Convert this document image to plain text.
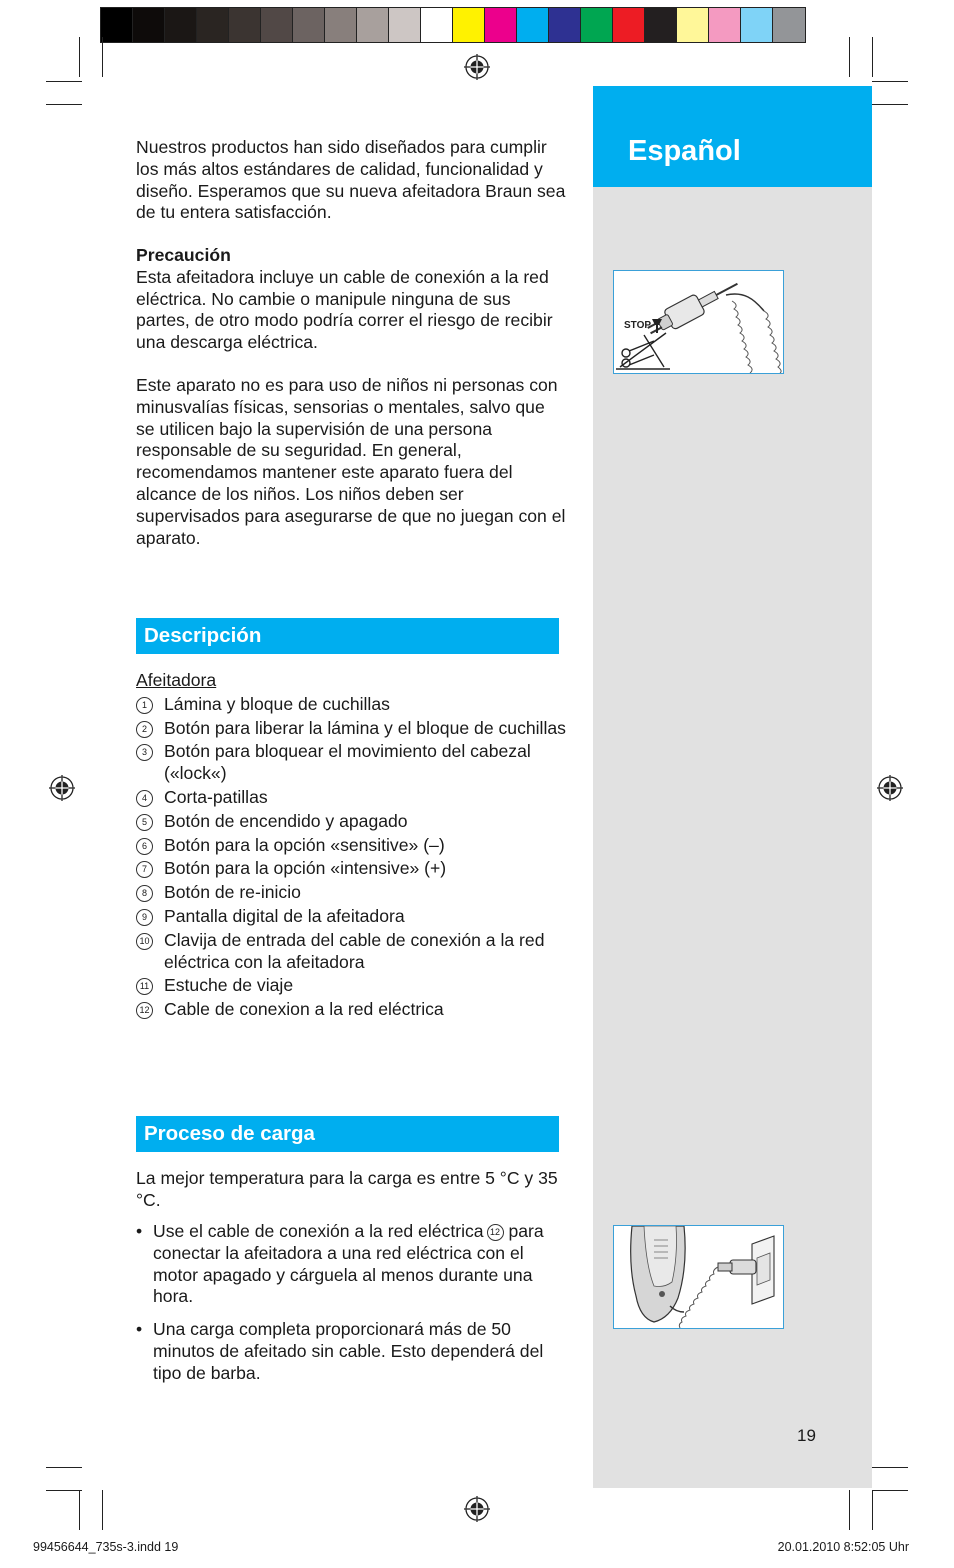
Español
STOP

Nuestros productos han sido diseñados para cumplir los más altos estándares de calidad, funcionalidad y diseño. Esperamos que su nueva afeitadora Braun sea de tu entera satisfacción.

Precaución

Esta afeitadora incluye un cable de conexión a la red eléctrica. No cambie o manipule ninguna de sus partes, de otro modo podría correr el riesgo de recibir una descarga eléctrica.

Este aparato no es para uso de niños ni personas con minusvalías físicas, sensorias o mentales, salvo que se utilicen bajo la supervisión de una persona responsable de su seguridad. En general, recomendamos mantener este aparato fuera del alcance de los niños. Los niños deben ser supervisados para asegurarse de que no juegan con el aparato.

Descripción
Afeitadora
1 Lámina y bloque de cuchillas
2 Botón para liberar la lámina y el bloque de cuchillas
3 Botón para bloquear el movimiento del cabezal («lock«)
4 Corta-patillas
5 Botón de encendido y apagado
6 Botón para la opción «sensitive» (–)
7 Botón para la opción «intensive» (+)
8 Botón de re-inicio
9 Pantalla digital de la afeitadora
10 Clavija de entrada del cable de conexión a la red eléctrica con la afeitadora
11 Estuche de viaje
12 Cable de conexion a la red eléctrica
Proceso de carga

La mejor temperatura para la carga es entre 5 °C y 35 °C.

• Use el cable de conexión a la red eléctrica 12 para conectar la afeitadora a una red eléctrica con el motor apagado y cárguela al menos durante una hora.
• Una carga completa proporcionará más de 50 minutos de afeitado sin cable. Esto dependerá del tipo de barba.
19
99456644_735s-3.indd 19	20.01.2010 8:52:05 Uhr
